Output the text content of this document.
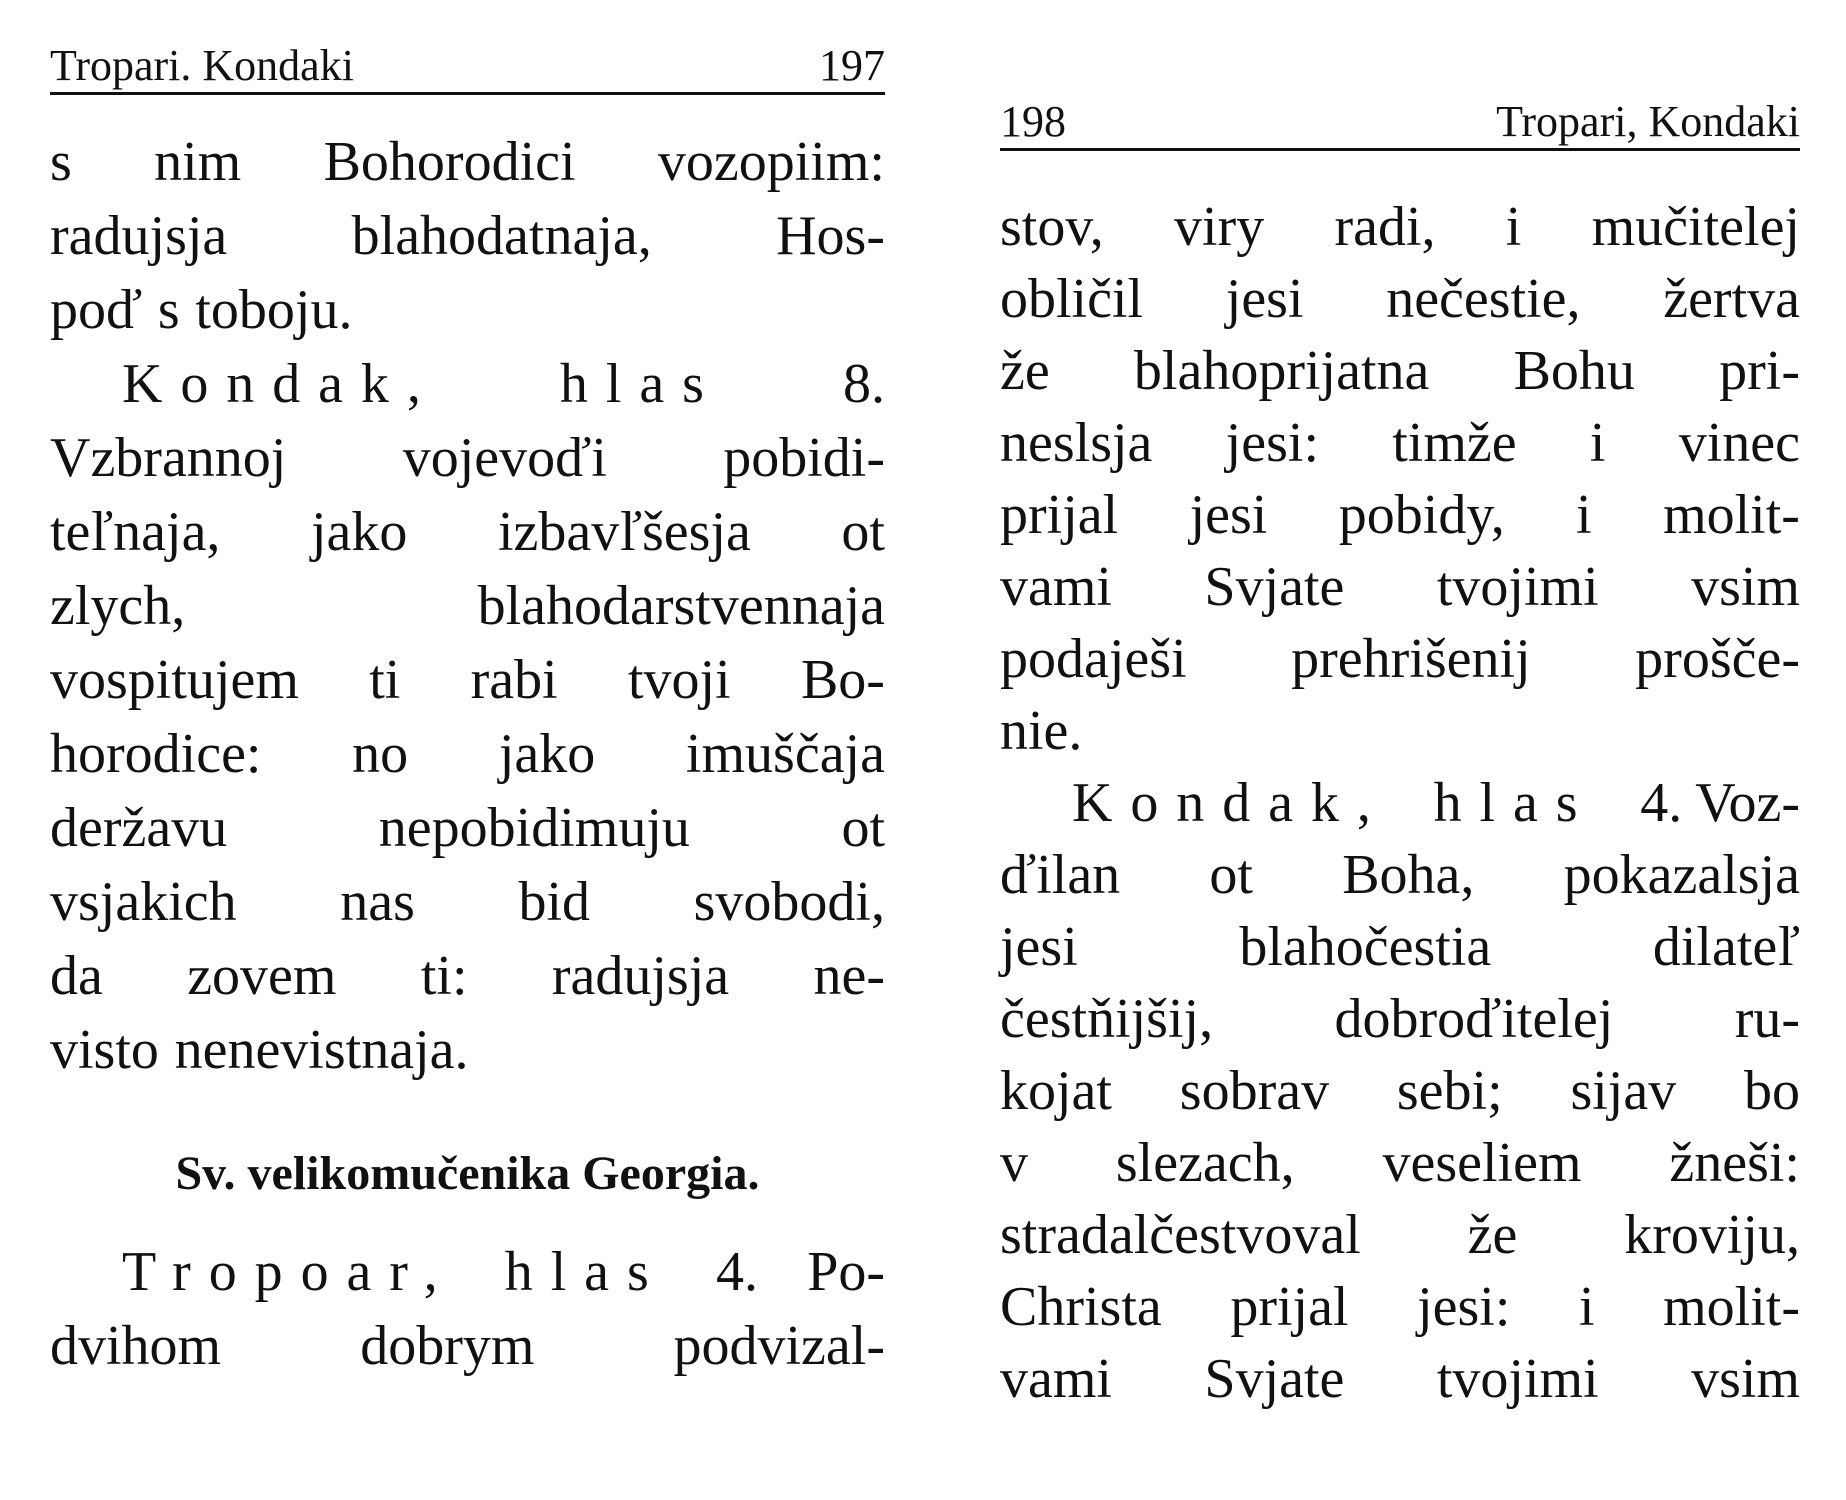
Tropari. Kondaki	197
s nim Bohorodici vozopiim:
radujsja blahodatnaja, Hos-
poď s toboju.
Kondak, hlas 8.
Vzbrannoj vojevoďi pobidi-
teľnaja, jako izbavľšesja ot
zlych,	blahodarstvennaja
vospitujem ti rabi tvoji Bo-
horodice: no jako imuščaja
deržavu	nepobidimuju	ot
vsjakich nas bid svobodi,
da zovem ti: radujsja ne-
visto nenevistnaja.
Sv. velikomučenika Georgia.
Tropoar, hlas 4. Po-
dvihom dobrym podvizal-
198	Tropari, Kondaki
stov, viry radi, i mučitelej
obličil jesi nečestie, žertva
že blahoprijatna Bohu pri-
neslsja jesi: timže i vinec
prijal jesi pobidy, i molit-
vami Svjate tvojimi vsim
podaješi prehrišenij prošče-
nie.
Kondak, hlas 4. Voz-
ďilan ot Boha, pokazalsja
jesi	blahočestia	dilateľ
čestňijšij, dobroďitelej ru-
kojat sobrav sebi; sijav bo
v slezach, veseliem žneši:
stradalčestvoval že kroviju,
Christa prijal jesi: i molit-
vami Svjate tvojimi vsim
